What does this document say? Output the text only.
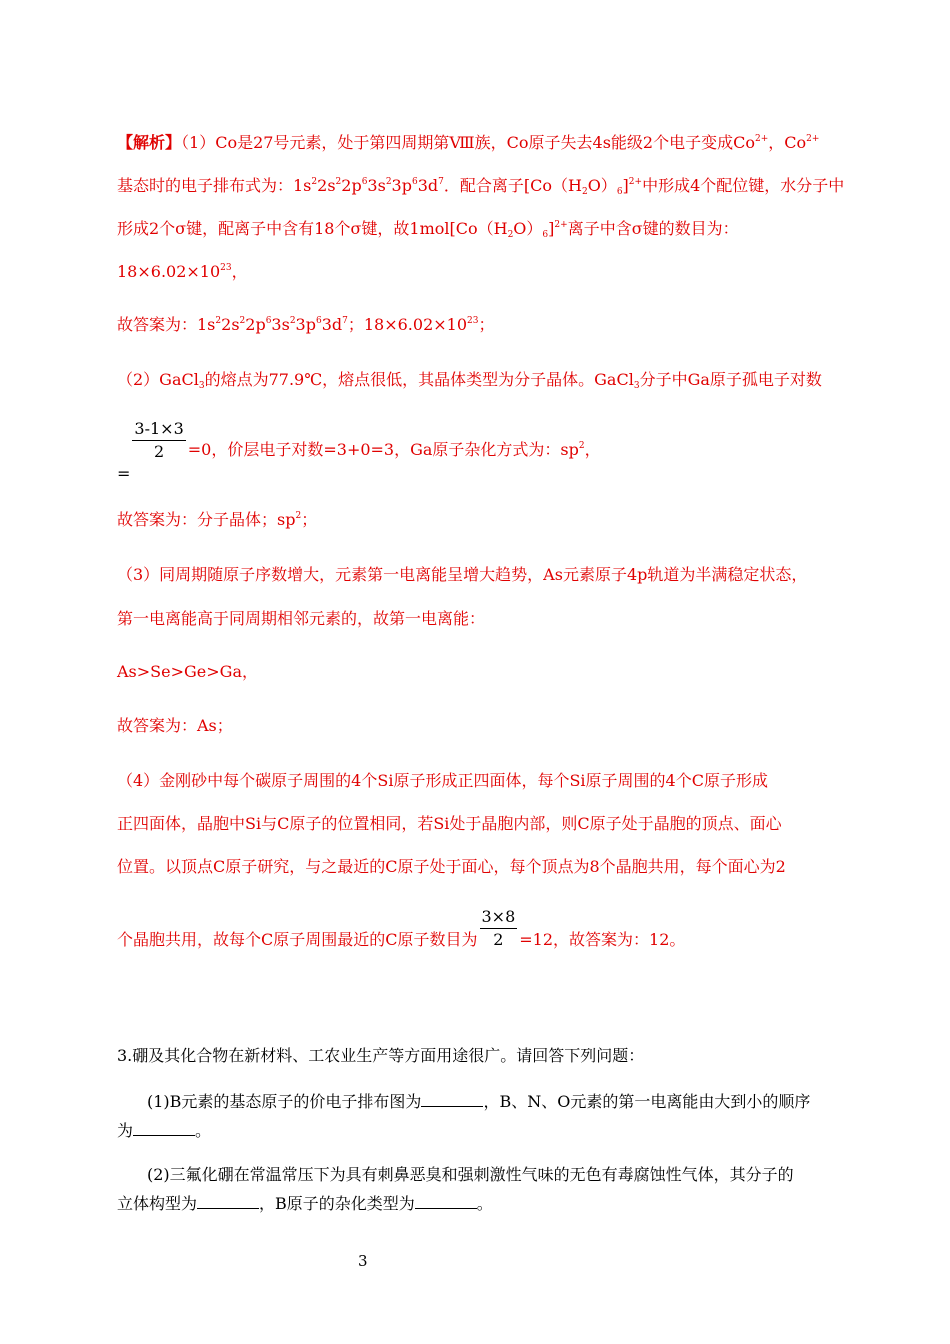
【解析】（1）Co是27号元素，处于第四周期第Ⅷ族，Co原子失去4s能级2个电子变成$Co^{2+}$，$Co^{2+}$
基态时的电子排布式为：$1s^22s^22p^63s^23p^63d^7$．配合离子$[Co(H_2O)_6]^{2+}$中形成4个配位键，水分子中
形成2个σ键，配离子中含有18个σ键，故$1mol[Co(H_2O)_6]^{2+}$离子中含σ键的数目为：
$18\times 6.02\times 10^{23}$，
故答案为：$1s^22s^22p^63s^23p^63d^7$；$18\times 6.02\times 10^{23}$；
（2）GaCl$_3$的熔点为77.9℃，熔点很低，其晶体类型为分子晶体。GaCl$_3$分子中Ga原子孤电子对数
=
$\frac{3-1\times 3}{2} =0$，价层电子对数=3+0=3，Ga原子杂化方式为：$sp^2$，
故答案为：分子晶体；$sp^2$；
（3）同周期随原子序数增大，元素第一电离能呈增大趋势，As元素原子4p轨道为半满稳定状态，
第一电离能高于同周期相邻元素的，故第一电离能：
As>Se>Ge>Ga，
故答案为：As；
（4）金刚砂中每个碳原子周围的4个Si原子形成正四面体，每个Si原子周围的4个C原子形成
正四面体，晶胞中Si与C原子的位置相同，若Si处于晶胞内部，则C原子处于晶胞的顶点、面心
位置。以顶点C原子研究，与之最近的C原子处于面心，每个顶点为8个晶胞共用，每个面心为2
个晶胞共用，故每个C原子周围最近的C原子数目为 $\frac{3\times 8}{2} =12$，故答案为：12。
3.硼及其化合物在新材料、工农业生产等方面用途很广。请回答下列问题：
(1)B元素的基态原子的价电子排布图为	，B、N、O元素的第一电离能由大到小的顺序
为	。
(2)三氟化硼在常温常压下为具有刺鼻恶臭和强刺激性气味的无色有毒腐蚀性气体，其分子的
立体构型为	，B原子的杂化类型为	。
3
